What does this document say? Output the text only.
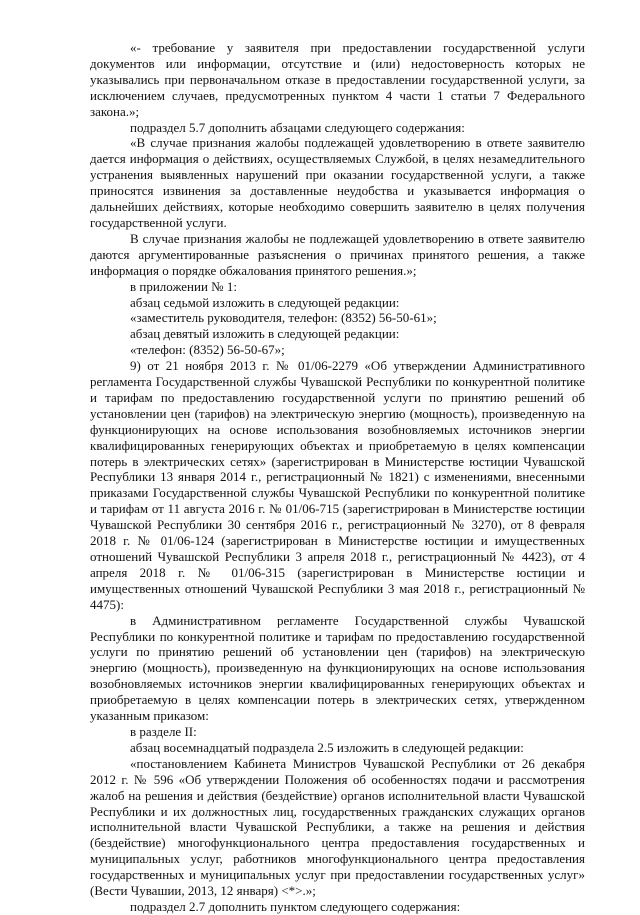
«- требование у заявителя при предоставлении государственной услуги документов или информации, отсутствие и (или) недостоверность которых не указывались при первоначальном отказе в предоставлении государственной услуги, за исключением случаев, предусмотренных пунктом 4 части 1 статьи 7 Федерального закона.»;

подраздел 5.7 дополнить абзацами следующего содержания:

«В случае признания жалобы подлежащей удовлетворению в ответе заявителю дается информация о действиях, осуществляемых Службой, в целях незамедлительного устранения выявленных нарушений при оказании государственной услуги, а также приносятся извинения за доставленные неудобства и указывается информация о дальнейших действиях, которые необходимо совершить заявителю в целях получения государственной услуги.

В случае признания жалобы не подлежащей удовлетворению в ответе заявителю даются аргументированные разъяснения о причинах принятого решения, а также информация о порядке обжалования принятого решения.»;

в приложении № 1:

абзац седьмой изложить в следующей редакции:

«заместитель руководителя, телефон: (8352) 56-50-61»;

абзац девятый изложить в следующей редакции:

«телефон: (8352) 56-50-67»;

9) от 21 ноября 2013 г. № 01/06-2279 «Об утверждении Административного регламента Государственной службы Чувашской Республики по конкурентной политике и тарифам по предоставлению государственной услуги по принятию решений об установлении цен (тарифов) на электрическую энергию (мощность), произведенную на функционирующих на основе использования возобновляемых источников энергии квалифицированных генерирующих объектах и приобретаемую в целях компенсации потерь в электрических сетях» (зарегистрирован в Министерстве юстиции Чувашской Республики 13 января 2014 г., регистрационный № 1821) с изменениями, внесенными приказами Государственной службы Чувашской Республики по конкурентной политике и тарифам от 11 августа 2016 г. № 01/06-715 (зарегистрирован в Министерстве юстиции Чувашской Республики 30 сентября 2016 г., регистрационный № 3270), от 8 февраля 2018 г. № 01/06-124 (зарегистрирован в Министерстве юстиции и имущественных отношений Чувашской Республики 3 апреля 2018 г., регистрационный № 4423), от 4 апреля 2018 г. № 01/06-315 (зарегистрирован в Министерстве юстиции и имущественных отношений Чувашской Республики 3 мая 2018 г., регистрационный № 4475):

в Административном регламенте Государственной службы Чувашской Республики по конкурентной политике и тарифам по предоставлению государственной услуги по принятию решений об установлении цен (тарифов) на электрическую энергию (мощность), произведенную на функционирующих на основе использования возобновляемых источников энергии квалифицированных генерирующих объектах и приобретаемую в целях компенсации потерь в электрических сетях, утвержденном указанным приказом:

в разделе II:

абзац восемнадцатый подраздела 2.5 изложить в следующей редакции:

«постановлением Кабинета Министров Чувашской Республики от 26 декабря 2012 г. № 596 «Об утверждении Положения об особенностях подачи и рассмотрения жалоб на решения и действия (бездействие) органов исполнительной власти Чувашской Республики и их должностных лиц, государственных гражданских служащих органов исполнительной власти Чувашской Республики, а также на решения и действия (бездействие) многофункционального центра предоставления государственных и муниципальных услуг, работников многофункционального центра предоставления государственных и муниципальных услуг при предоставлении государственных услуг» (Вести Чувашии, 2013, 12 января) <*>.»;

подраздел 2.7 дополнить пунктом следующего содержания:
